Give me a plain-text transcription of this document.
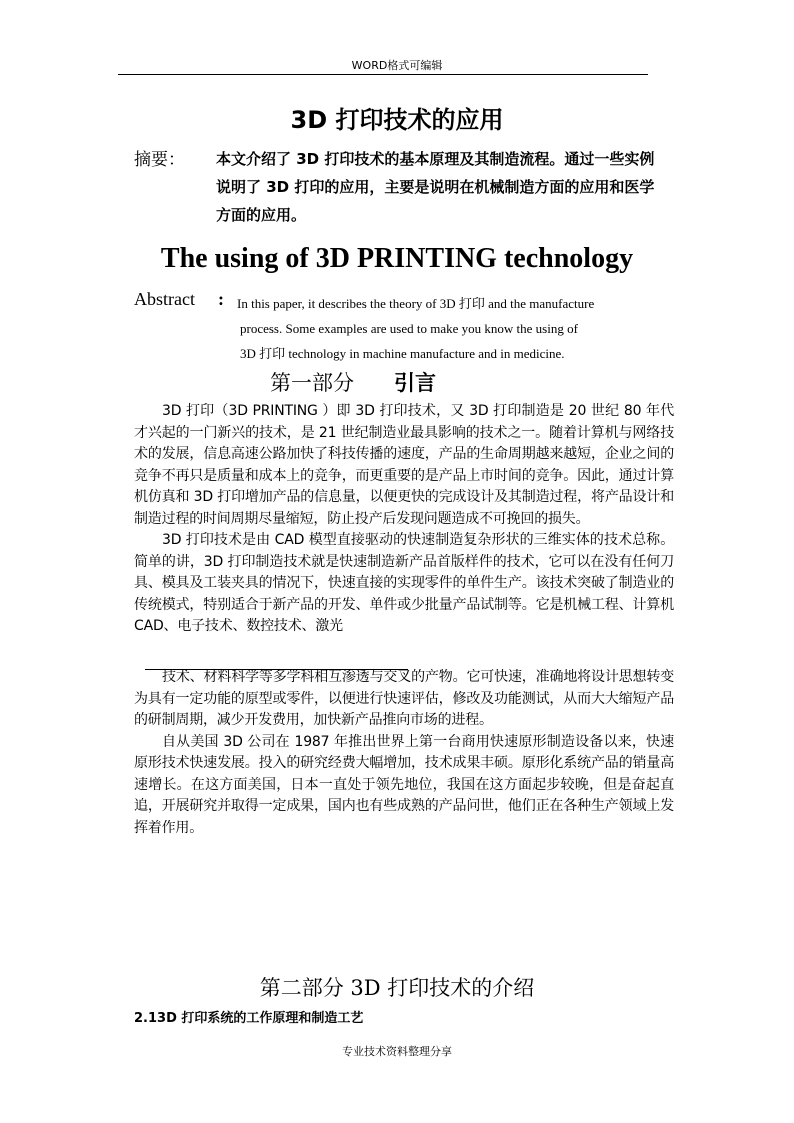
WORD格式可编辑
3D 打印技术的应用
摘要： 本文介绍了 3D 打印技术的基本原理及其制造流程。通过一些实例
说明了 3D 打印的应用，主要是说明在机械制造方面的应用和医学
方面的应用。
The using of 3D PRINTING technology
Abstract : In this paper, it describes the theory of 3D 打印 and the manufacture
process. Some examples are used to make you know the using of
3D 打印 technology in machine manufacture and in medicine.
第一部分 引言

3D 打印（3D PRINTING ）即 3D 打印技术，又 3D 打印制造是 20 世纪 80 年代才兴起的一门新兴的技术，是 21 世纪制造业最具影响的技术之一。随着计算机与网络技术的发展，信息高速公路加快了科技传播的速度，产品的生命周期越来越短，企业之间的竞争不再只是质量和成本上的竞争，而更重要的是产品上市时间的竞争。因此，通过计算机仿真和 3D 打印增加产品的信息量，以便更快的完成设计及其制造过程，将产品设计和制造过程的时间周期尽量缩短，防止投产后发现问题造成不可挽回的损失。

3D 打印技术是由 CAD 模型直接驱动的快速制造复杂形状的三维实体的技术总称。简单的讲，3D 打印制造技术就是快速制造新产品首版样件的技术，它可以在没有任何刀具、模具及工装夹具的情况下，快速直接的实现零件的单件生产。该技术突破了制造业的传统模式，特别适合于新产品的开发、单件或少批量产品试制等。它是机械工程、计算机 CAD、电子技术、数控技术、激光

技术、材料科学等多学科相互渗透与交叉的产物。它可快速，准确地将设计思想转变为具有一定功能的原型或零件，以便进行快速评估，修改及功能测试，从而大大缩短产品的研制周期，减少开发费用，加快新产品推向市场的进程。

自从美国 3D 公司在 1987 年推出世界上第一台商用快速原形制造设备以来，快速原形技术快速发展。投入的研究经费大幅增加，技术成果丰硕。原形化系统产品的销量高速增长。在这方面美国，日本一直处于领先地位，我国在这方面起步较晚，但是奋起直追，开展研究并取得一定成果，国内也有些成熟的产品问世，他们正在各种生产领域上发挥着作用。

第二部分 3D 打印技术的介绍
2.13D 打印系统的工作原理和制造工艺
专业技术资料整理分享
